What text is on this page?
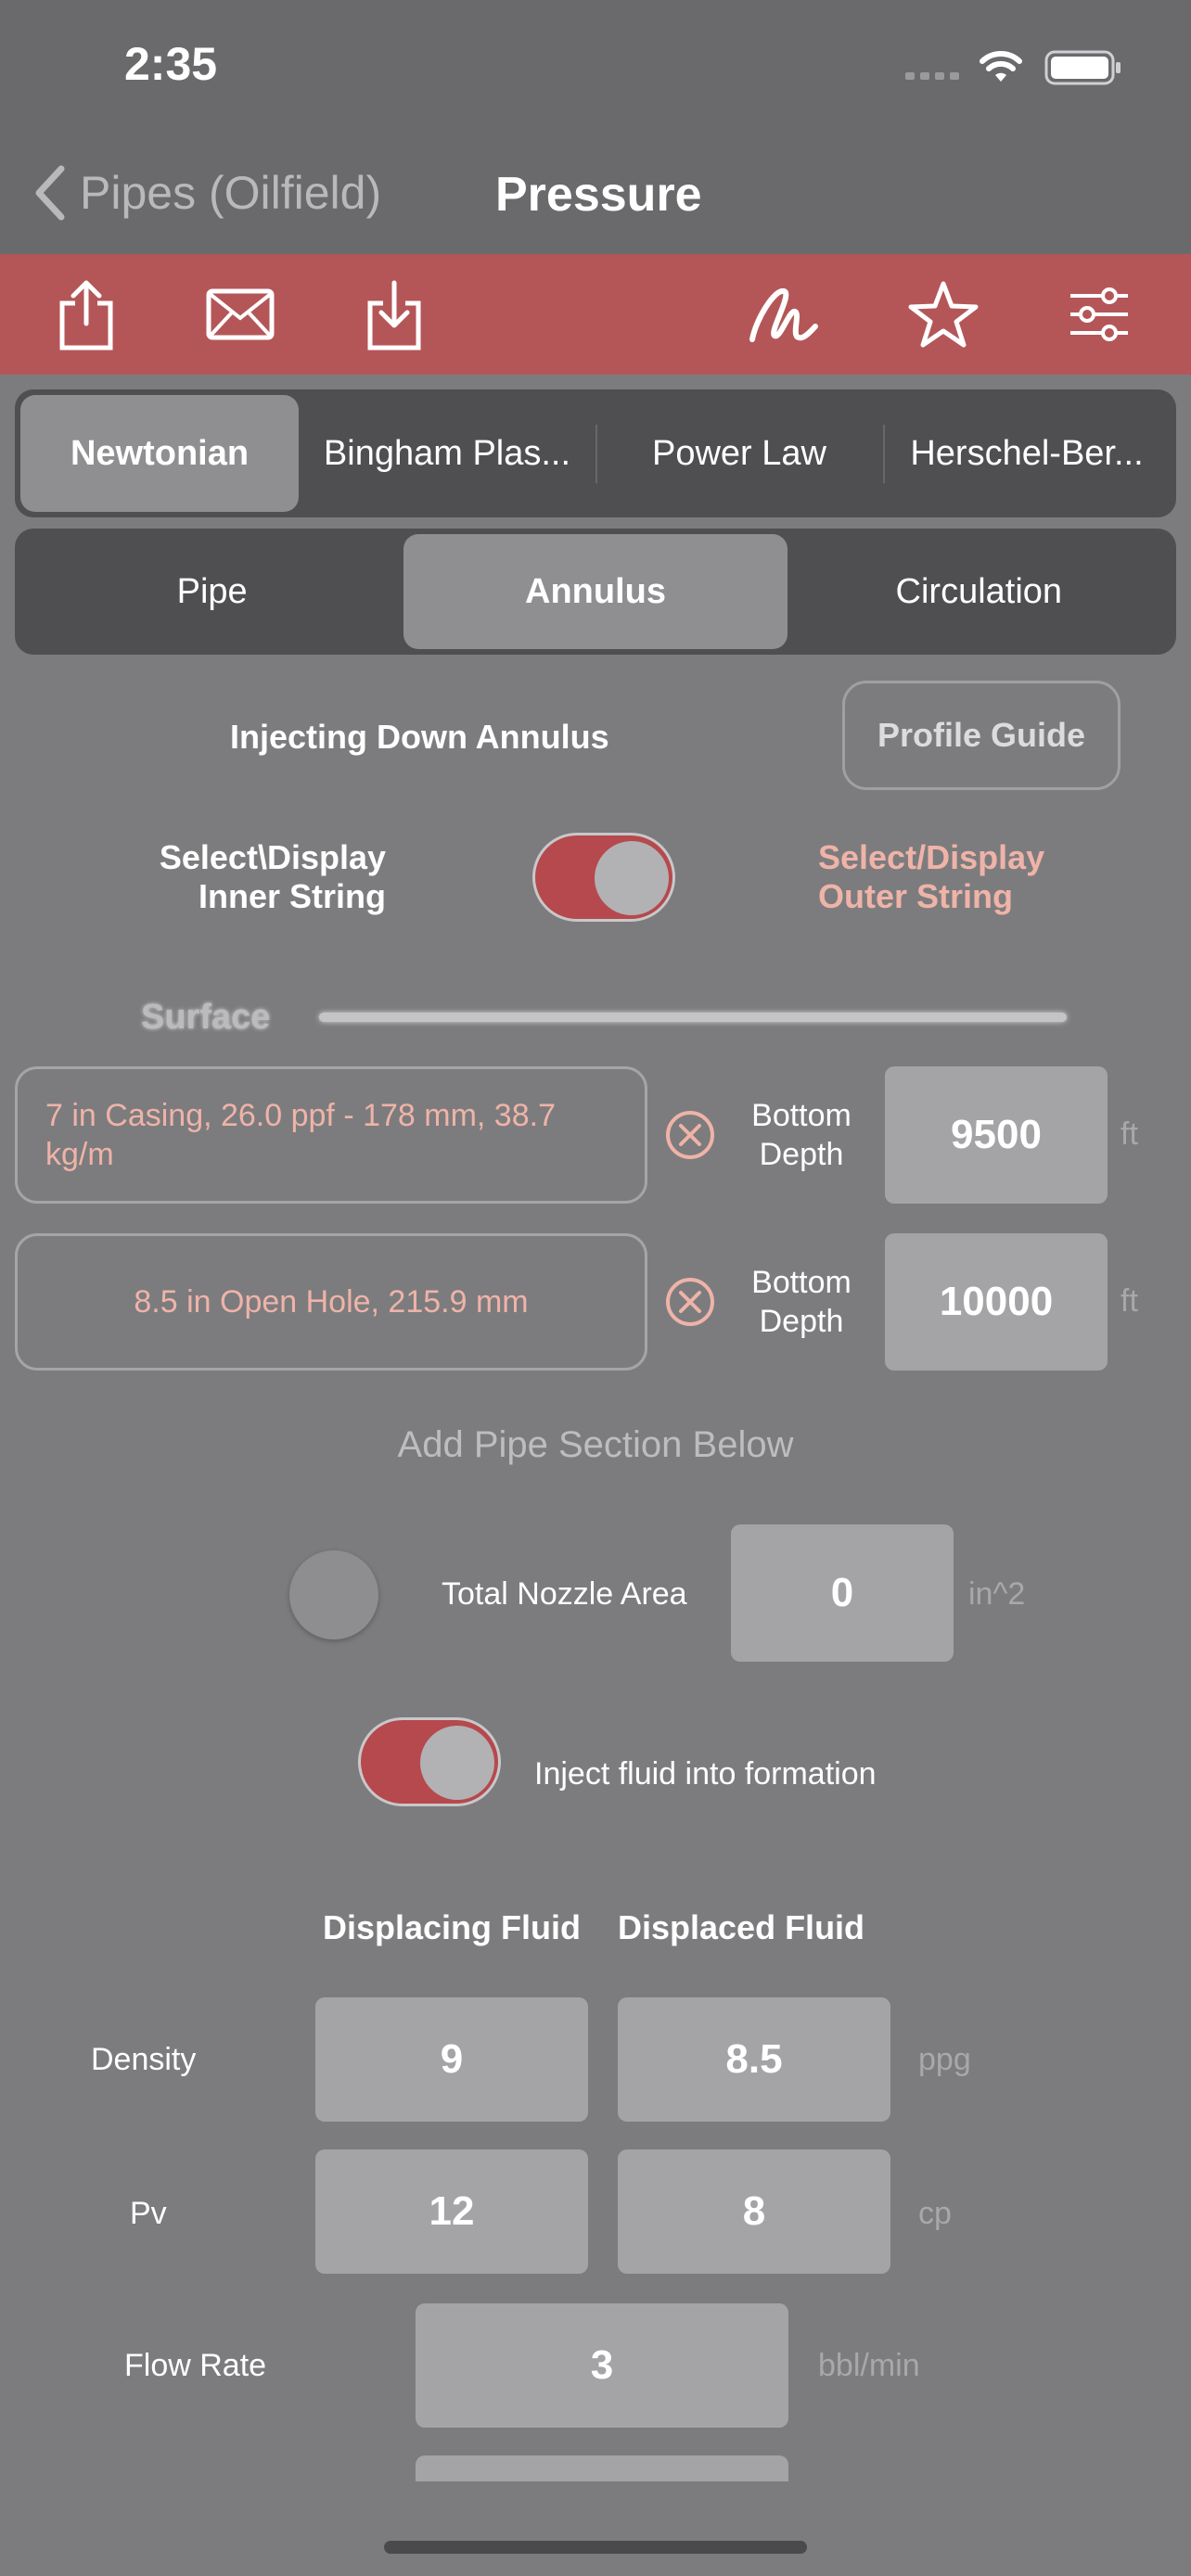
2:35
Pipes (Oilfield) Pressure
Newtonian	Bingham Plas...	Power Law	Herschel-Ber...
Pipe	Annulus	Circulation
Injecting Down Annulus	Profile Guide
Select\Display
Inner String
Select/Display
Outer String
Surface
7 in Casing, 26.0 ppf - 178 mm, 38.7 kg/m
Bottom
Depth	9500	ft
8.5 in Open Hole, 215.9 mm
Bottom
Depth	10000	ft
Add Pipe Section Below
Total Nozzle Area	0	in^2
Inject fluid into formation
Displacing Fluid Displaced Fluid
Density	9	8.5	ppg
Pv	12	8	cp
Flow Rate	3	bbl/min
